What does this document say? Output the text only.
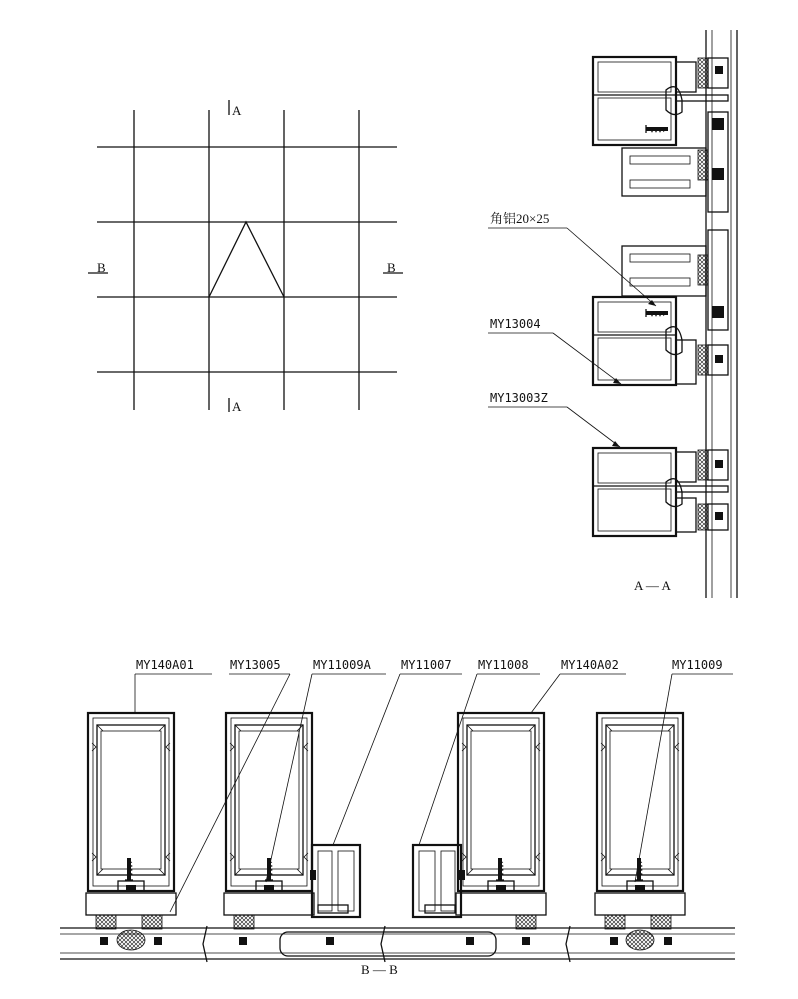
A
A
B	B
角铝20×25
MY13004
MY13003Z
A — A
MY140A01	MY13005	MY11009A	MY11007 MY11008	MY140A02	MY11009
B — B
